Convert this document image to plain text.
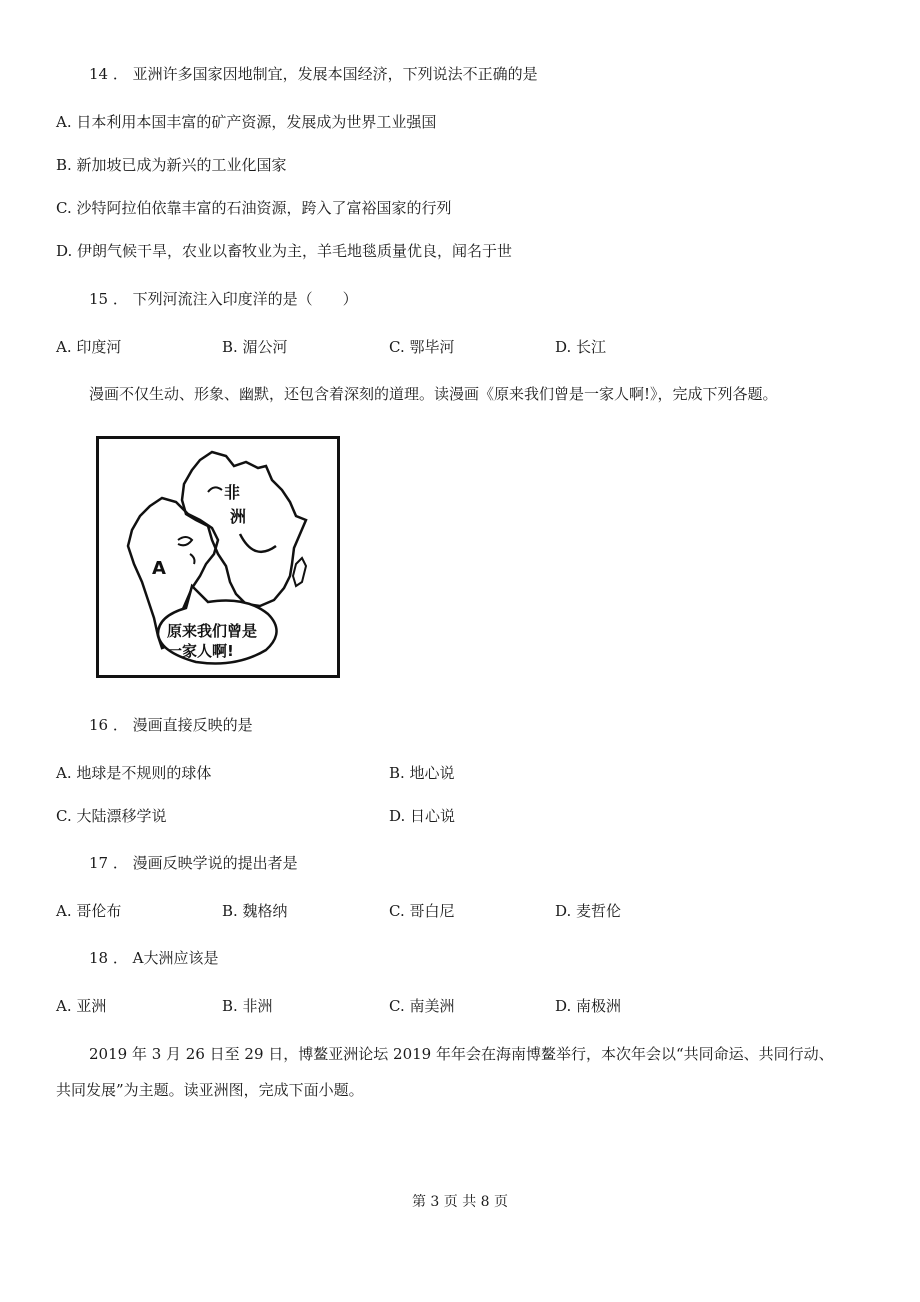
14 ． 亚洲许多国家因地制宜，发展本国经济，下列说法不正确的是
A. 日本利用本国丰富的矿产资源，发展成为世界工业强国
B. 新加坡已成为新兴的工业化国家
C. 沙特阿拉伯依靠丰富的石油资源，跨入了富裕国家的行列
D. 伊朗气候干旱，农业以畜牧业为主，羊毛地毯质量优良，闻名于世
15 ． 下列河流注入印度洋的是（　　）
A. 印度河	B. 湄公河	C. 鄂毕河	D. 长江
漫画不仅生动、形象、幽默，还包含着深刻的道理。读漫画《原来我们曾是一家人啊!》，完成下列各题。
非
洲
A
原来我们曾是
一家人啊!
16 ． 漫画直接反映的是
A. 地球是不规则的球体	B. 地心说
C. 大陆漂移学说	D. 日心说
17 ． 漫画反映学说的提出者是
A. 哥伦布	B. 魏格纳	C. 哥白尼	D. 麦哲伦
18 ． A大洲应该是
A. 亚洲	B. 非洲	C. 南美洲	D. 南极洲
2019 年 3 月 26 日至 29 日，博鳌亚洲论坛 2019 年年会在海南博鳌举行，本次年会以“共同命运、共同行动、
共同发展”为主题。读亚洲图，完成下面小题。
第 3 页 共 8 页
